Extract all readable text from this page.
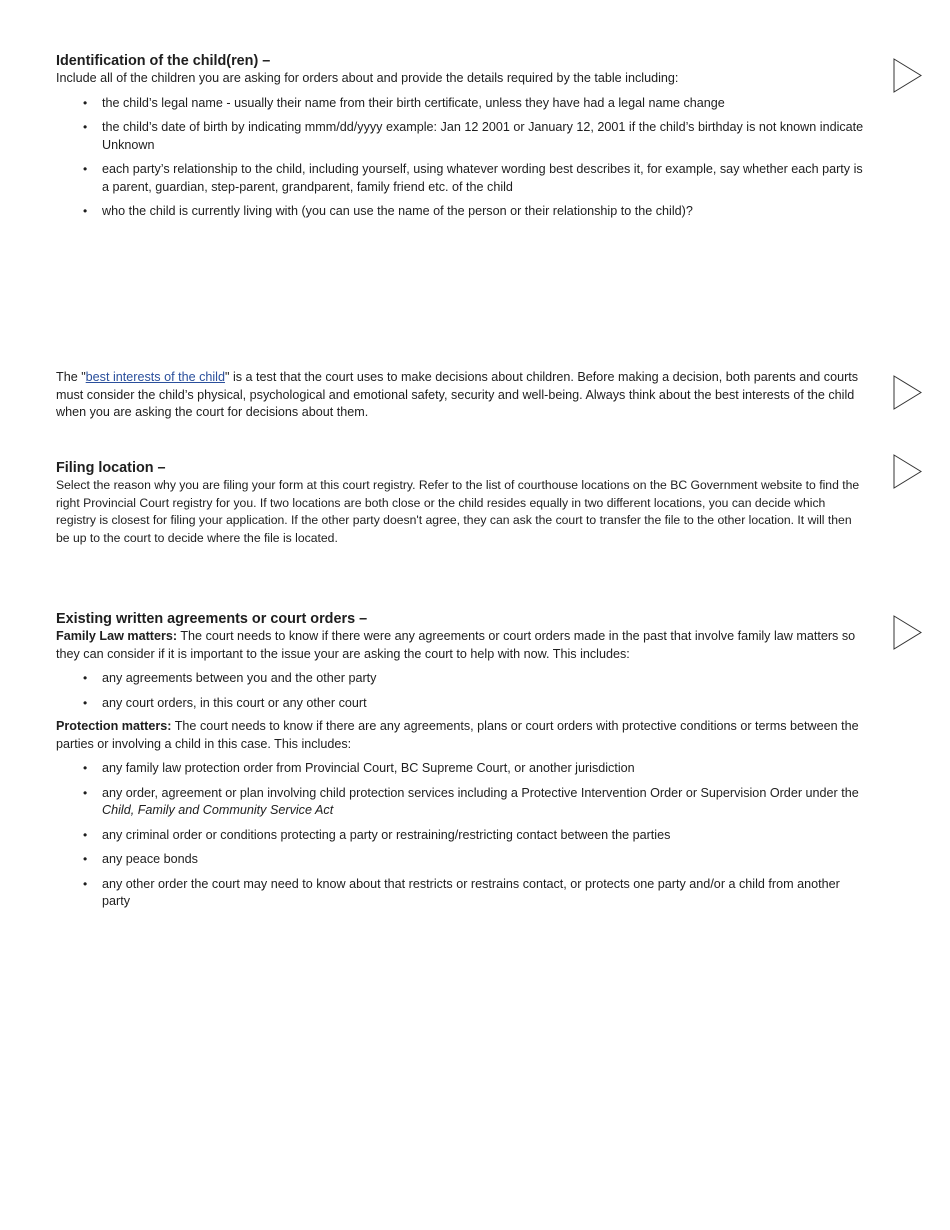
Identification of the child(ren) –

Include all of the children you are asking for orders about and provide the details required by the table including:

• the child’s legal name - usually their name from their birth certificate, unless they have had a legal name change
• the child’s date of birth by indicating mmm/dd/yyyy example: Jan 12 2001 or January 12, 2001 if the child’s birthday is not known indicate Unknown
• each party’s relationship to the child, including yourself, using whatever wording best describes it, for example, say whether each party is a parent, guardian, step-parent, grandparent, family friend etc. of the child
• who the child is currently living with (you can use the name of the person or their relationship to the child)?

The "best interests of the child" is a test that the court uses to make decisions about children. Before making a decision, both parents and courts must consider the child’s physical, psychological and emotional safety, security and well-being. Always think about the best interests of the child when you are asking the court for decisions about them.

Filing location –

Select the reason why you are filing your form at this court registry. Refer to the list of courthouse locations on the BC Government website to find the right Provincial Court registry for you. If two locations are both close or the child resides equally in two different locations, you can decide which registry is closest for filing your application. If the other party doesn't agree, they can ask the court to transfer the file to the other location. It will then be up to the court to decide where the file is located.

Existing written agreements or court orders –

Family Law matters: The court needs to know if there were any agreements or court orders made in the past that involve family law matters so they can consider if it is important to the issue your are asking the court to help with now. This includes:

• any agreements between you and the other party
• any court orders, in this court or any other court

Protection matters: The court needs to know if there are any agreements, plans or court orders with protective conditions or terms between the parties or involving a child in this case. This includes:

• any family law protection order from Provincial Court, BC Supreme Court, or another jurisdiction
• any order, agreement or plan involving child protection services including a Protective Intervention Order or Supervision Order under the Child, Family and Community Service Act
• any criminal order or conditions protecting a party or restraining/restricting contact between the parties
• any peace bonds
• any other order the court may need to know about that restricts or restrains contact, or protects one party and/or a child from another party
